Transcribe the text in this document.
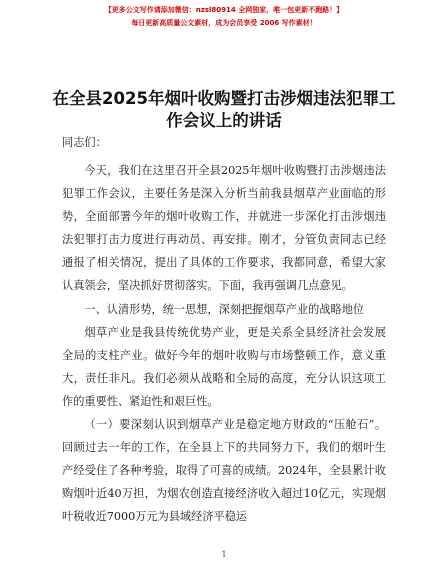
【更多公文写作请添加微信：nzsl80914 全网独家，唯一包更新不跑路！】
每日更新高质量公文素材，成为会员享受 2006 写作素材！
在全县2025年烟叶收购暨打击涉烟违法犯罪工作会议上的讲话

同志们：

今天，我们在这里召开全县2025年烟叶收购暨打击涉烟违法犯罪工作会议，主要任务是深入分析当前我县烟草产业面临的形势，全面部署今年的烟叶收购工作，并就进一步深化打击涉烟违法犯罪打击力度进行再动员、再安排。刚才，分管负责同志已经通报了相关情况，提出了具体的工作要求，我都同意，希望大家认真领会，坚决抓好贯彻落实。下面，我再强调几点意见。

一、认清形势，统一思想，深刻把握烟草产业的战略地位

烟草产业是我县传统优势产业，更是关系全县经济社会发展全局的支柱产业。做好今年的烟叶收购与市场整顿工作，意义重大，责任非凡。我们必须从战略和全局的高度，充分认识这项工作的重要性、紧迫性和艰巨性。

（一）要深刻认识到烟草产业是稳定地方财政的“压舱石”。回顾过去一年的工作，在全县上下的共同努力下，我们的烟叶生产经受住了各种考验，取得了可喜的成绩。2024年，全县累计收购烟叶近40万担，为烟农创造直接经济收入超过10亿元，实现烟叶税收近7000万元为县域经济平稳运

1
